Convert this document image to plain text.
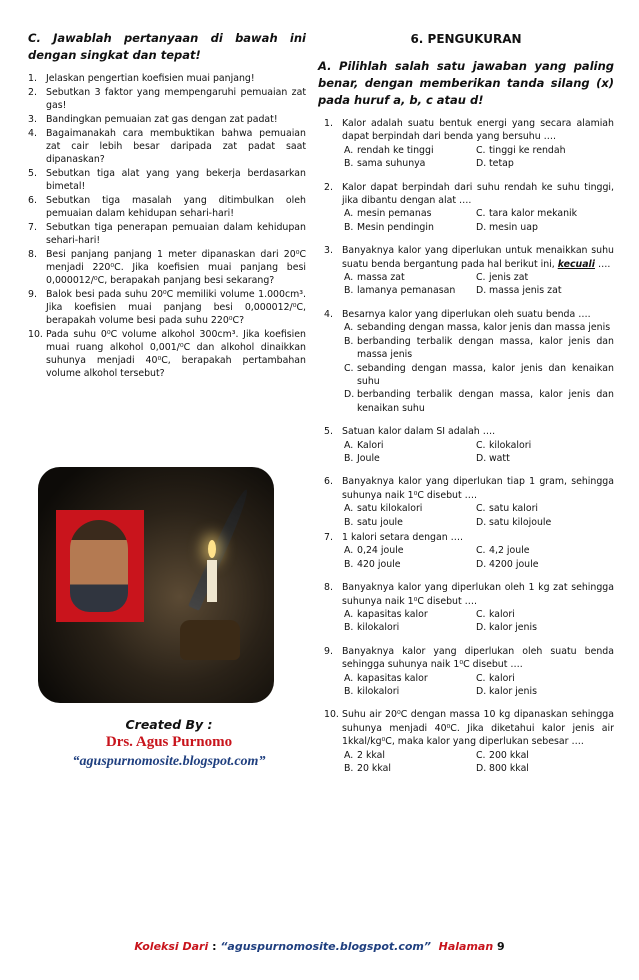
C. Jawablah pertanyaan di bawah ini dengan singkat dan tepat!

1. Jelaskan pengertian koefisien muai panjang!
2. Sebutkan 3 faktor yang mempengaruhi pemuaian zat gas!
3. Bandingkan pemuaian zat gas dengan zat padat!
4. Bagaimanakah cara membuktikan bahwa pemuaian zat cair lebih besar daripada zat padat saat dipanaskan?
5. Sebutkan tiga alat yang yang bekerja berdasarkan bimetal!
6. Sebutkan tiga masalah yang ditimbulkan oleh pemuaian dalam kehidupan sehari-hari!
7. Sebutkan tiga penerapan pemuaian dalam kehidupan sehari-hari!
8. Besi panjang panjang 1 meter dipanaskan dari 20⁰C menjadi 220⁰C. Jika koefisien muai panjang besi 0,000012/⁰C, berapakah panjang besi sekarang?
9. Balok besi pada suhu 20⁰C memiliki volume 1.000cm³. Jika koefisien muai panjang besi 0,000012/⁰C, berapakah volume besi pada suhu 220⁰C?
10. Pada suhu 0⁰C volume alkohol 300cm³. Jika koefisien muai ruang alkohol 0,001/⁰C dan alkohol dinaikkan suhunya menjadi 40⁰C, berapakah pertambahan volume alkohol tersebut?
Created By :
Drs. Agus Purnomo
“aguspurnomosite.blogspot.com”
6. PENGUKURAN

A. Pilihlah salah satu jawaban yang paling benar, dengan memberikan tanda silang (x) pada huruf a, b, c atau d!

1. Kalor adalah suatu bentuk energi yang secara alamiah dapat berpindah dari benda yang bersuhu ….
A. rendah ke tinggi	C. tinggi ke rendah
B. sama suhunya	D. tetap
2. Kalor dapat berpindah dari suhu rendah ke suhu tinggi, jika dibantu dengan alat ….
A. mesin pemanas	C. tara kalor mekanik
B. Mesin pendingin	D. mesin uap
3. Banyaknya kalor yang diperlukan untuk menaikkan suhu suatu benda bergantung pada hal berikut ini, kecuali ….
A. massa zat	C. jenis zat
B. lamanya pemanasan	D. massa jenis zat
4. Besarnya kalor yang diperlukan oleh suatu benda ….
A. sebanding dengan massa, kalor jenis dan massa jenis
B. berbanding terbalik dengan massa, kalor jenis dan massa jenis
C. sebanding dengan massa, kalor jenis dan kenaikan suhu
D. berbanding terbalik dengan massa, kalor jenis dan kenaikan suhu
5. Satuan kalor dalam SI adalah ….
A. Kalori	C. kilokalori
B. Joule	D. watt
6. Banyaknya kalor yang diperlukan tiap 1 gram, sehingga suhunya naik 1⁰C disebut ….
A. satu kilokalori	C. satu kalori
B. satu joule	D. satu kilojoule
7. 1 kalori setara dengan ….
A. 0,24 joule	C. 4,2 joule
B. 420 joule	D. 4200 joule
8. Banyaknya kalor yang diperlukan oleh 1 kg zat sehingga suhunya naik 1⁰C disebut ….
A. kapasitas kalor	C. kalori
B. kilokalori	D. kalor jenis
9. Banyaknya kalor yang diperlukan oleh suatu benda sehingga suhunya naik 1⁰C disebut ….
A. kapasitas kalor	C. kalori
B. kilokalori	D. kalor jenis
10. Suhu air 20⁰C dengan massa 10 kg dipanaskan sehingga suhunya menjadi 40⁰C. Jika diketahui kalor jenis air 1kkal/kg⁰C, maka kalor yang diperlukan sebesar ….
A. 2 kkal	C. 200 kkal
B. 20 kkal	D. 800 kkal
Koleksi Dari : “aguspurnomosite.blogspot.com” Halaman 9
